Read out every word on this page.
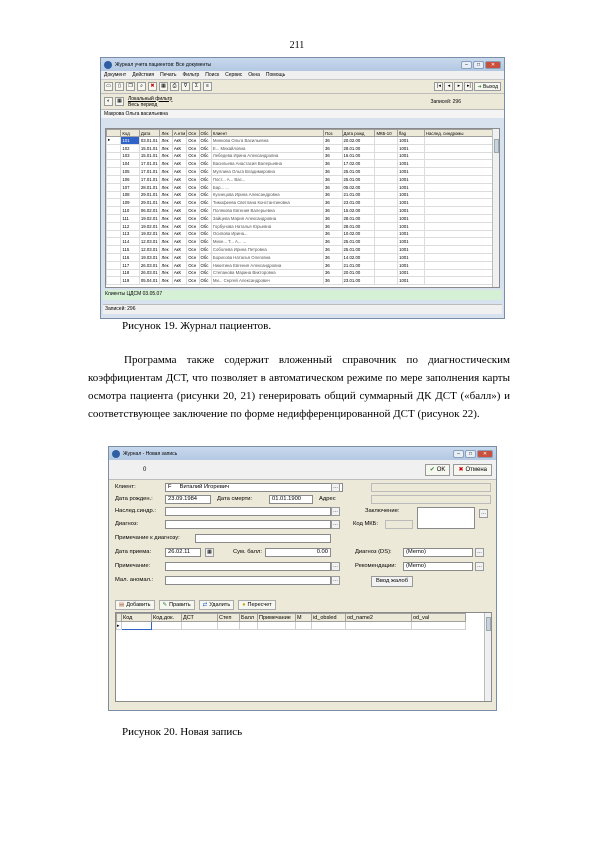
211
Журнал учета пациентов: Все документы	–	□	✕
Документ Действия Печать Фильтр Поиск Сервис Окна Помощь
▭	▯	❐	⌕	✖	▦	⎙	∇	Σ	≡	|◂	◂	▸	▸|	➜ Выход
◐	▦	Локальный фильтр
Весь период	Записей: 296
Макрова Ольга васильевна
	Код	Дата	Лек	А.нтм	Осн	Обс	Клиент	Поз	Дата рожд	МКБ-10	flag	Наслед. синдромы
▸	101	03.01.01	Лек	АкК	Осн	Обс	Минкова Ольга Васильевна	36	20.02.00		1001	
	102	15.01.01	Лек	АкК	Осн	Обс	Е... Михайловна	36	28.01.00		1001	
	103	15.01.01	Лек	АкК	Осн	Обс	Лебедева Ирина Александровна	36	16.01.00		1001	
	104	17.01.01	Лек	АкК	Осн	Обс	Васильева Анастасия Валерьевна	36	17.02.00		1001	
	105	17.01.01	Лек	АкК	Осн	Обс	Муллина Ольга Владимировна	36	25.01.00		1001	
	106	17.01.01	Лек	АкК	Осн	Обс	Пост... А... Вас...	36	25.01.00		1001	
	107	28.01.01	Лек	АкК	Осн	Обс	Бар... ...	36	05.02.00		1001	
	108	29.01.01	Лек	АкК	Осн	Обс	Кузнецова Ирина Александровна	36	21.01.00		1001	
	109	29.01.01	Лек	АкК	Осн	Обс	Тимофеева Светлана Константиновна	36	23.01.00		1001	
	110	06.02.01	Лек	АкК	Осн	Обс	Полякова Евгения Валерьевна	36	15.02.00		1001	
	111	19.02.01	Лек	АкК	Осн	Обс	Зайцева Мария Александровна	36	28.01.00		1001	
	112	19.02.01	Лек	АкК	Осн	Обс	Горбунова Наталья Юрьевна	36	28.01.00		1001	
	113	19.02.01	Лек	АкК	Осн	Обс	Осипова Ирина...	36	10.02.00		1001	
	114	12.03.01	Лек	АкК	Осн	Обс	Михе... Т... А... ...	36	25.01.00		1001	
	115	12.03.01	Лек	АкК	Осн	Обс	Соболева Ирина Петровна	36	25.01.00		1001	
	116	19.03.01	Лек	АкК	Осн	Обс	Борисова Наталья Олеговна	36	14.02.00		1001	
	117	26.03.01	Лек	АкК	Осн	Обс	Никитина Евгения Александровна	36	21.01.00		1001	
	118	26.03.01	Лек	АкК	Осн	Обс	Степанова Марина Викторовна	36	20.01.00		1001	
	119	05.04.01	Лек	АкК	Осн	Обс	Ми... Сергей Александрович	36	23.01.00		1001	
Клиенты ЦДСМ 03.05.07
Записей: 296
Рисунок 19. Журнал пациентов.
Программа также содержит вложенный справочник по диагностическим коэффициентам ДСТ, что позволяет в автоматическом режиме по мере заполнения карты осмотра пациента (рисунки 20, 21) генерировать общий суммарный ДК ДСТ («балл») и соответствующее заключение по форме недифференцированной ДСТ (рисунок 22).
Журнал - Новая запись	–	□	✕
0	✔ OK ✖ Отмена
Клиент:	F Виталий Игоревич	…
Дата рожден.:	23.09.1984	Дата смерти:	01.01.1900	Адрес
Наслед.синдр.:	…	Заключение:	…
Диагноз:	…	Код МКБ:
Примечание к диагнозу:
Дата приема:	26.02.11	▦	Сум. балл:	0.00	Диагноз (DS):	(Memo)	…
Примечание:	…	Рекомендации:	(Memo)	…
Мал. аномал.:	…	Ввод жалоб
▤ Добавить ✎ Править ⇄ Удалить ● Пересчет
	Код	Код.док.	ДСТ	Степ	Балл	Примечание	М	id_obsled	od_name2	od_val
▸										
Рисунок 20. Новая запись
